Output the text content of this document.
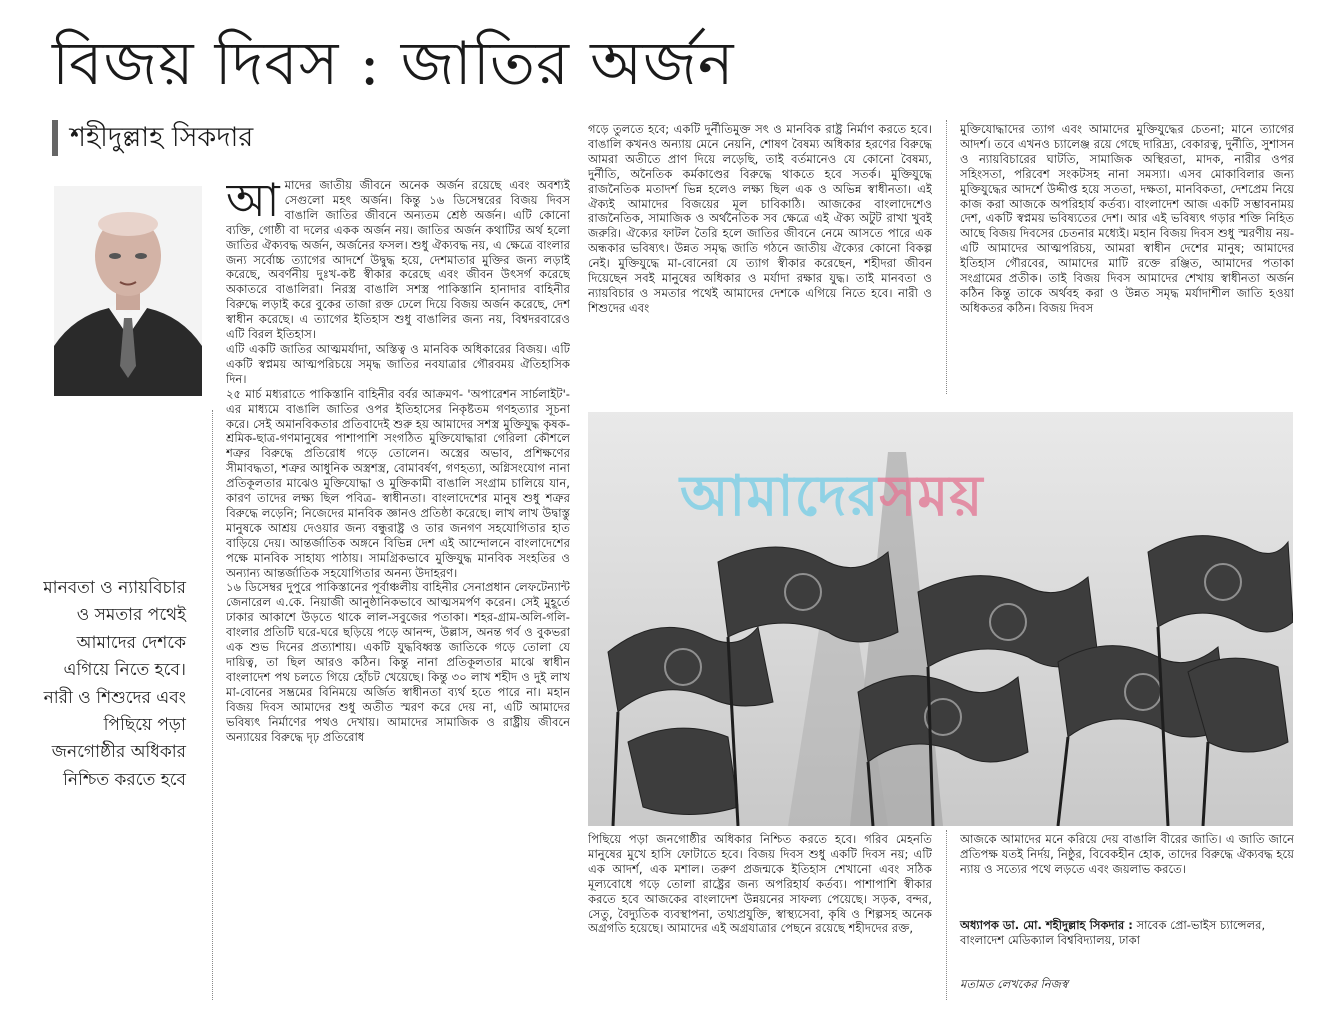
বিজয় দিবস : জাতির অর্জন
শহীদুল্লাহ সিকদার
মানবতা ও ন্যায়বিচার ও সমতার পথেই আমাদের দেশকে এগিয়ে নিতে হবে। নারী ও শিশুদের এবং পিছিয়ে পড়া জনগোষ্ঠীর অধিকার নিশ্চিত করতে হবে
আ মাদের জাতীয় জীবনে অনেক অর্জন রয়েছে এবং অবশ্যই সেগুলো মহৎ অর্জন। কিন্তু ১৬ ডিসেম্বরের বিজয় দিবস বাঙালি জাতির জীবনে অন্যতম শ্রেষ্ঠ অর্জন। এটি কোনো ব্যক্তি, গোষ্ঠী বা দলের একক অর্জন নয়। জাতির অর্জন কথাটির অর্থ হলো জাতির ঐক্যবদ্ধ অর্জন, অর্জনের ফসল। শুধু ঐক্যবদ্ধ নয়, এ ক্ষেত্রে বাংলার জন্য সর্বোচ্চ ত্যাগের আদর্শে উদ্বুদ্ধ হয়ে, দেশমাতার মুক্তির জন্য লড়াই করেছে, অবর্ণনীয় দুঃখ-কষ্ট স্বীকার করেছে এবং জীবন উৎসর্গ করেছে অকাতরে বাঙালিরা। নিরস্ত্র বাঙালি সশস্ত্র পাকিস্তানি হানাদার বাহিনীর বিরুদ্ধে লড়াই করে বুকের তাজা রক্ত ঢেলে দিয়ে বিজয় অর্জন করেছে, দেশ স্বাধীন করেছে। এ ত্যাগের ইতিহাস শুধু বাঙালির জন্য নয়, বিশ্বদরবারেও এটি বিরল ইতিহাস।

এটি একটি জাতির আত্মমর্যাদা, অস্তিত্ব ও মানবিক অধিকারের বিজয়। এটি একটি স্বপ্নময় আত্মপরিচয়ে সমৃদ্ধ জাতির নবযাত্রার গৌরবময় ঐতিহাসিক দিন।

২৫ মার্চ মধ্যরাতে পাকিস্তানি বাহিনীর বর্বর আক্রমণ- 'অপারেশন সার্চলাইট'-এর মাধ্যমে বাঙালি জাতির ওপর ইতিহাসের নিকৃষ্টতম গণহত্যার সূচনা করে। সেই অমানবিকতার প্রতিবাদেই শুরু হয় আমাদের সশস্ত্র মুক্তিযুদ্ধ কৃষক-শ্রমিক-ছাত্র-গণমানুষের পাশাপাশি সংগঠিত মুক্তিযোদ্ধারা গেরিলা কৌশলে শত্রুর বিরুদ্ধে প্রতিরোধ গড়ে তোলেন। অস্ত্রের অভাব, প্রশিক্ষণের সীমাবদ্ধতা, শত্রুর আধুনিক অস্ত্রশস্ত্র, বোমাবর্ষণ, গণহত্যা, অগ্নিসংযোগ নানা প্রতিকূলতার মাঝেও মুক্তিযোদ্ধা ও মুক্তিকামী বাঙালি সংগ্রাম চালিয়ে যান, কারণ তাদের লক্ষ্য ছিল পবিত্র- স্বাধীনতা। বাংলাদেশের মানুষ শুধু শত্রুর বিরুদ্ধে লড়েনি; নিজেদের মানবিক জ্ঞানও প্রতিষ্ঠা করেছে। লাখ লাখ উদ্বাস্তু মানুষকে আশ্রয় দেওয়ার জন্য বন্ধুরাষ্ট্র ও তার জনগণ সহযোগিতার হাত বাড়িয়ে দেয়। আন্তর্জাতিক অঙ্গনে বিভিন্ন দেশ এই আন্দোলনে বাংলাদেশের পক্ষে মানবিক সাহায্য পাঠায়। সামগ্রিকভাবে মুক্তিযুদ্ধ মানবিক সংহতির ও অন্যান্য আন্তর্জাতিক সহযোগিতার অনন্য উদাহরণ।

১৬ ডিসেম্বর দুপুরে পাকিস্তানের পূর্বাঞ্চলীয় বাহিনীর সেনাপ্রধান লেফটেন্যান্ট জেনারেল এ.কে. নিয়াজী আনুষ্ঠানিকভাবে আত্মসমর্পণ করেন। সেই মুহূর্তে ঢাকার আকাশে উড়তে থাকে লাল-সবুজের পতাকা। শহর-গ্রাম-অলি-গলি- বাংলার প্রতিটি ঘরে-ঘরে ছড়িয়ে পড়ে আনন্দ, উল্লাস, অনন্ত গর্ব ও বুকভরা এক শুভ দিনের প্রত্যাশায়। একটি যুদ্ধবিধ্বস্ত জাতিকে গড়ে তোলা যে দায়িত্ব, তা ছিল আরও কঠিন। কিন্তু নানা প্রতিকূলতার মাঝে স্বাধীন বাংলাদেশ পথ চলতে গিয়ে হোঁচট খেয়েছে। কিন্তু ৩০ লাখ শহীদ ও দুই লাখ মা-বোনের সম্ভ্রমের বিনিময়ে অর্জিত স্বাধীনতা ব্যর্থ হতে পারে না। মহান বিজয় দিবস আমাদের শুধু অতীত স্মরণ করে দেয় না, এটি আমাদের ভবিষ্যৎ নির্মাণের পথও দেখায়। আমাদের সামাজিক ও রাষ্ট্রীয় জীবনে অন্যায়ের বিরুদ্ধে দৃঢ় প্রতিরোধ

গড়ে তুলতে হবে; একটি দুর্নীতিমুক্ত সৎ ও মানবিক রাষ্ট্র নির্মাণ করতে হবে। বাঙালি কখনও অন্যায় মেনে নেয়নি, শোষণ বৈষম্য অধিকার হরণের বিরুদ্ধে আমরা অতীতে প্রাণ দিয়ে লড়েছি, তাই বর্তমানেও যে কোনো বৈষম্য, দুর্নীতি, অনৈতিক কর্মকাণ্ডের বিরুদ্ধে থাকতে হবে সতর্ক। মুক্তিযুদ্ধে রাজনৈতিক মতাদর্শ ভিন্ন হলেও লক্ষ্য ছিল এক ও অভিন্ন স্বাধীনতা। এই ঐক্যই আমাদের বিজয়ের মূল চাবিকাঠি। আজকের বাংলাদেশেও রাজনৈতিক, সামাজিক ও অর্থনৈতিক সব ক্ষেত্রে এই ঐক্য অটুট রাখা খুবই জরুরি। ঐক্যের ফাটল তৈরি হলে জাতির জীবনে নেমে আসতে পারে এক অন্ধকার ভবিষ্যৎ। উন্নত সমৃদ্ধ জাতি গঠনে জাতীয় ঐক্যের কোনো বিকল্প নেই। মুক্তিযুদ্ধে মা-বোনেরা যে ত্যাগ স্বীকার করেছেন, শহীদরা জীবন দিয়েছেন সবই মানুষের অধিকার ও মর্যাদা রক্ষার যুদ্ধ। তাই মানবতা ও ন্যায়বিচার ও সমতার পথেই আমাদের দেশকে এগিয়ে নিতে হবে। নারী ও শিশুদের এবং

মুক্তিযোদ্ধাদের ত্যাগ এবং আমাদের মুক্তিযুদ্ধের চেতনা; মানে ত্যাগের আদর্শ। তবে এখনও চ্যালেঞ্জ রয়ে গেছে দারিদ্র্য, বেকারত্ব, দুর্নীতি, সুশাসন ও ন্যায়বিচারের ঘাটতি, সামাজিক অস্থিরতা, মাদক, নারীর ওপর সহিংসতা, পরিবেশ সংকটসহ নানা সমস্যা। এসব মোকাবিলার জন্য মুক্তিযুদ্ধের আদর্শে উদ্দীপ্ত হয়ে সততা, দক্ষতা, মানবিকতা, দেশপ্রেম নিয়ে কাজ করা আজকে অপরিহার্য কর্তব্য। বাংলাদেশ আজ একটি সম্ভাবনাময় দেশ, একটি স্বপ্নময় ভবিষ্যতের দেশ। আর এই ভবিষ্যৎ গড়ার শক্তি নিহিত আছে বিজয় দিবসের চেতনার মধ্যেই। মহান বিজয় দিবস শুধু স্মরণীয় নয়- এটি আমাদের আত্মপরিচয়, আমরা স্বাধীন দেশের মানুষ; আমাদের ইতিহাস গৌরবের, আমাদের মাটি রক্তে রঞ্জিত, আমাদের পতাকা সংগ্রামের প্রতীক। তাই বিজয় দিবস আমাদের শেখায় স্বাধীনতা অর্জন কঠিন কিন্তু তাকে অর্থবহ করা ও উন্নত সমৃদ্ধ মর্যাদাশীল জাতি হওয়া অধিকতর কঠিন। বিজয় দিবস

আমাদেরসময়

পিছিয়ে পড়া জনগোষ্ঠীর অধিকার নিশ্চিত করতে হবে। গরিব মেহনতি মানুষের মুখে হাসি ফোটাতে হবে। বিজয় দিবস শুধু একটি দিবস নয়; এটি এক আদর্শ, এক মশাল। তরুণ প্রজন্মকে ইতিহাস শেখানো এবং সঠিক মূল্যবোধে গড়ে তোলা রাষ্ট্রের জন্য অপরিহার্য কর্তব্য। পাশাপাশি স্বীকার করতে হবে আজকের বাংলাদেশ উন্নয়নের সাফল্য পেয়েছে। সড়ক, বন্দর, সেতু, বৈদ্যুতিক ব্যবস্থাপনা, তথ্যপ্রযুক্তি, স্বাস্থ্যসেবা, কৃষি ও শিল্পসহ অনেক অগ্রগতি হয়েছে। আমাদের এই অগ্রযাত্রার পেছনে রয়েছে শহীদদের রক্ত,

আজকে আমাদের মনে করিয়ে দেয় বাঙালি বীরের জাতি। এ জাতি জানে প্রতিপক্ষ যতই নির্দয়, নিষ্ঠুর, বিবেকহীন হোক, তাদের বিরুদ্ধে ঐক্যবদ্ধ হয়ে ন্যায় ও সত্যের পথে লড়তে এবং জয়লাভ করতে।

অধ্যাপক ডা. মো. শহীদুল্লাহ সিকদার : সাবেক প্রো-ভাইস চ্যান্সেলর, বাংলাদেশ মেডিক্যাল বিশ্ববিদ্যালয়, ঢাকা
মতামত লেখকের নিজস্ব
